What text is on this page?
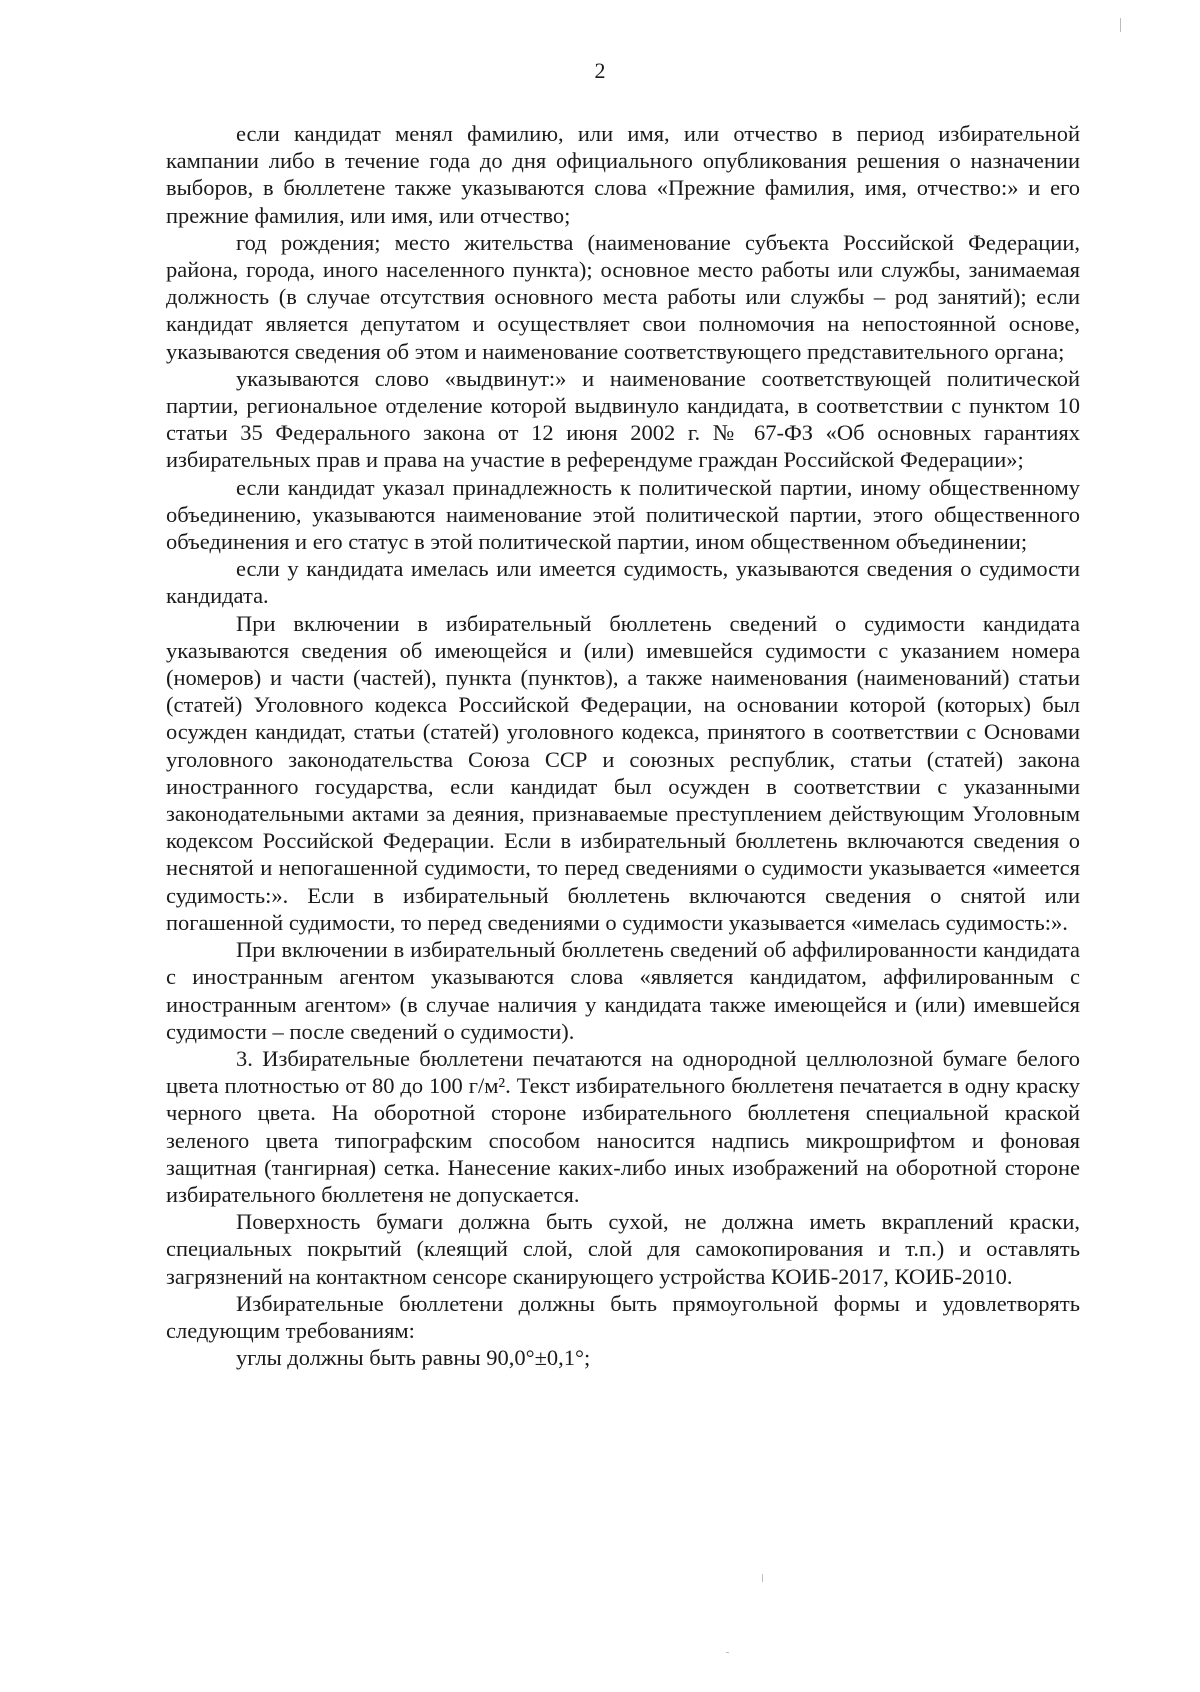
2

если кандидат менял фамилию, или имя, или отчество в период избирательной кампании либо в течение года до дня официального опубликования решения о назначении выборов, в бюллетене также указываются слова «Прежние фамилия, имя, отчество:» и его прежние фамилия, или имя, или отчество;

год рождения; место жительства (наименование субъекта Российской Федерации, района, города, иного населенного пункта); основное место работы или службы, занимаемая должность (в случае отсутствия основного места работы или службы – род занятий); если кандидат является депутатом и осуществляет свои полномочия на непостоянной основе, указываются сведения об этом и наименование соответствующего представительного органа;

указываются слово «выдвинут:» и наименование соответствующей политической партии, региональное отделение которой выдвинуло кандидата, в соответствии с пунктом 10 статьи 35 Федерального закона от 12 июня 2002 г. № 67-ФЗ «Об основных гарантиях избирательных прав и права на участие в референдуме граждан Российской Федерации»;

если кандидат указал принадлежность к политической партии, иному общественному объединению, указываются наименование этой политической партии, этого общественного объединения и его статус в этой политической партии, ином общественном объединении;

если у кандидата имелась или имеется судимость, указываются сведения о судимости кандидата.

При включении в избирательный бюллетень сведений о судимости кандидата указываются сведения об имеющейся и (или) имевшейся судимости с указанием номера (номеров) и части (частей), пункта (пунктов), а также наименования (наименований) статьи (статей) Уголовного кодекса Российской Федерации, на основании которой (которых) был осужден кандидат, статьи (статей) уголовного кодекса, принятого в соответствии с Основами уголовного законодательства Союза ССР и союзных республик, статьи (статей) закона иностранного государства, если кандидат был осужден в соответствии с указанными законодательными актами за деяния, признаваемые преступлением действующим Уголовным кодексом Российской Федерации. Если в избирательный бюллетень включаются сведения о неснятой и непогашенной судимости, то перед сведениями о судимости указывается «имеется судимость:». Если в избирательный бюллетень включаются сведения о снятой или погашенной судимости, то перед сведениями о судимости указывается «имелась судимость:».

При включении в избирательный бюллетень сведений об аффилированности кандидата с иностранным агентом указываются слова «является кандидатом, аффилированным с иностранным агентом» (в случае наличия у кандидата также имеющейся и (или) имевшейся судимости – после сведений о судимости).

3. Избирательные бюллетени печатаются на однородной целлюлозной бумаге белого цвета плотностью от 80 до 100 г/м². Текст избирательного бюллетеня печатается в одну краску черного цвета. На оборотной стороне избирательного бюллетеня специальной краской зеленого цвета типографским способом наносится надпись микрошрифтом и фоновая защитная (тангирная) сетка. Нанесение каких-либо иных изображений на оборотной стороне избирательного бюллетеня не допускается.

Поверхность бумаги должна быть сухой, не должна иметь вкраплений краски, специальных покрытий (клеящий слой, слой для самокопирования и т.п.) и оставлять загрязнений на контактном сенсоре сканирующего устройства КОИБ-2017, КОИБ-2010.

Избирательные бюллетени должны быть прямоугольной формы и удовлетворять следующим требованиям:

углы должны быть равны 90,0°±0,1°;
